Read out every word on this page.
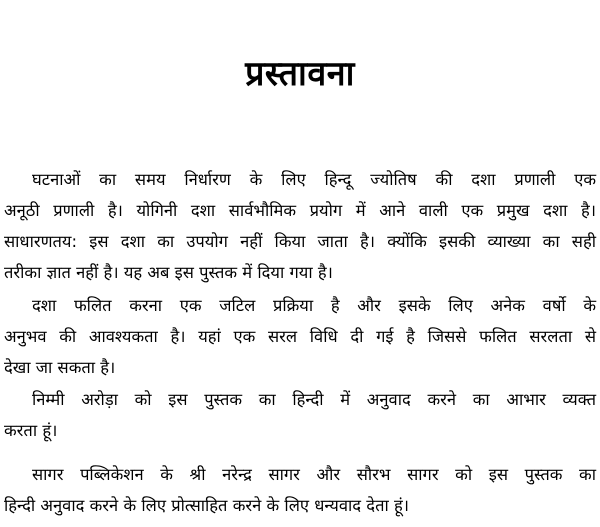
प्रस्तावना

घटनाओं का समय निर्धारण के लिए हिन्दू ज्योतिष की दशा प्रणाली एक
अनूठी प्रणाली है। योगिनी दशा सार्वभौमिक प्रयोग में आने वाली एक प्रमुख दशा है।
साधारणतय: इस दशा का उपयोग नहीं किया जाता है। क्योंकि इसकी व्याख्या का सही
तरीका ज्ञात नहीं है। यह अब इस पुस्तक में दिया गया है।

दशा फलित करना एक जटिल प्रक्रिया है और इसके लिए अनेक वर्षो के
अनुभव की आवश्यकता है। यहां एक सरल विधि दी गई है जिससे फलित सरलता से
देखा जा सकता है।

निम्मी अरोड़ा को इस पुस्तक का हिन्दी में अनुवाद करने का आभार व्यक्त
करता हूं।

सागर पब्लिकेशन के श्री नरेन्द्र सागर और सौरभ सागर को इस पुस्तक का
हिन्दी अनुवाद करने के लिए प्रोत्साहित करने के लिए धन्यवाद देता हूं।
